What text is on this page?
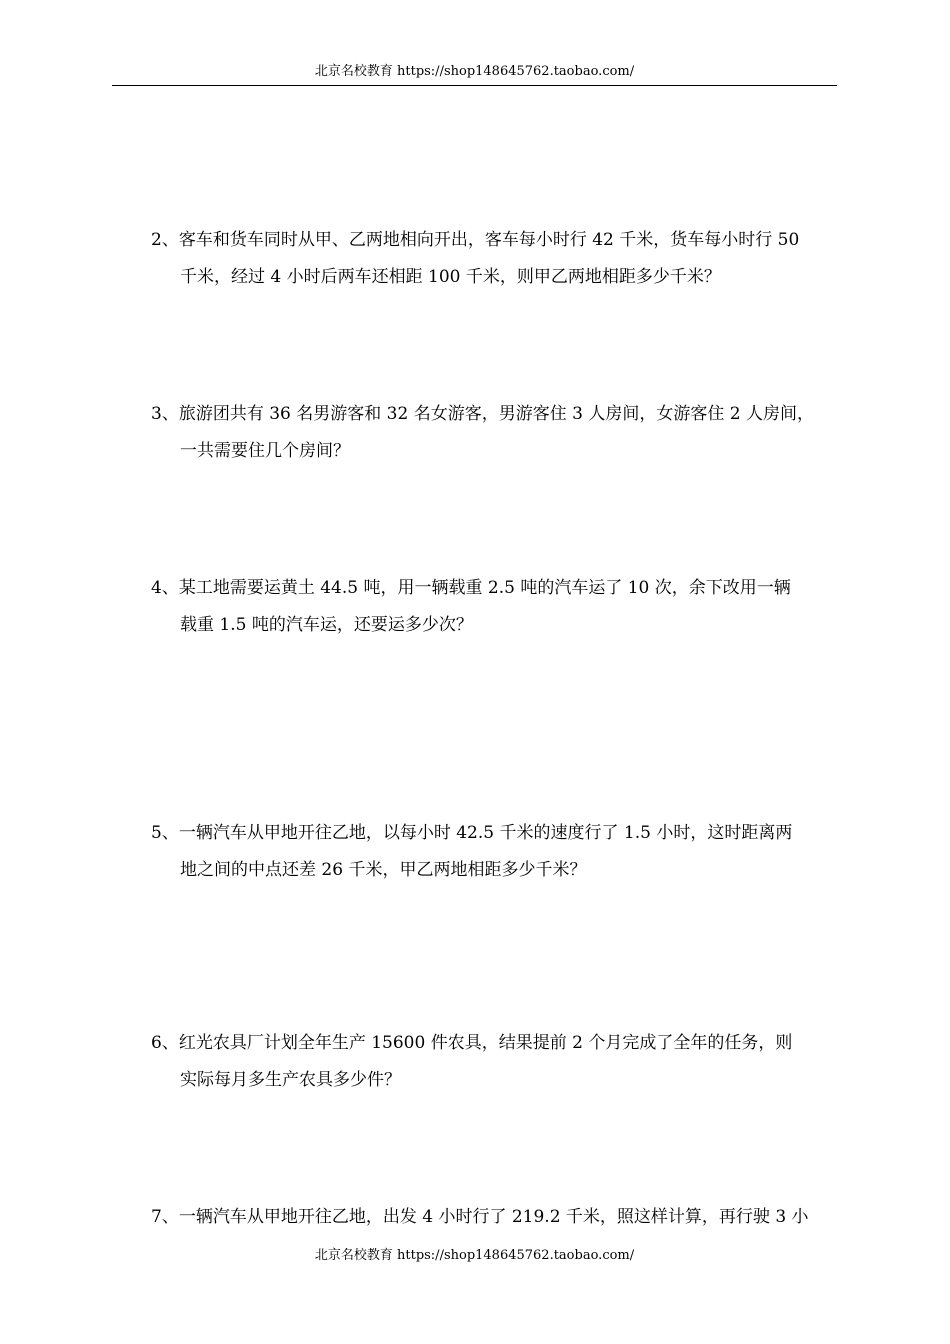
北京名校教育 https://shop148645762.taobao.com/
2、客车和货车同时从甲、乙两地相向开出，客车每小时行 42 千米，货车每小时行 50
千米，经过 4 小时后两车还相距 100 千米，则甲乙两地相距多少千米？
3、旅游团共有 36 名男游客和 32 名女游客，男游客住 3 人房间，女游客住 2 人房间，
一共需要住几个房间？
4、某工地需要运黄土 44.5 吨，用一辆载重 2.5 吨的汽车运了 10 次，余下改用一辆
载重 1.5 吨的汽车运，还要运多少次？
5、一辆汽车从甲地开往乙地，以每小时 42.5 千米的速度行了 1.5 小时，这时距离两
地之间的中点还差 26 千米，甲乙两地相距多少千米？
6、红光农具厂计划全年生产 15600 件农具，结果提前 2 个月完成了全年的任务，则
实际每月多生产农具多少件？
7、一辆汽车从甲地开往乙地，出发 4 小时行了 219.2 千米，照这样计算，再行驶 3 小
北京名校教育 https://shop148645762.taobao.com/
